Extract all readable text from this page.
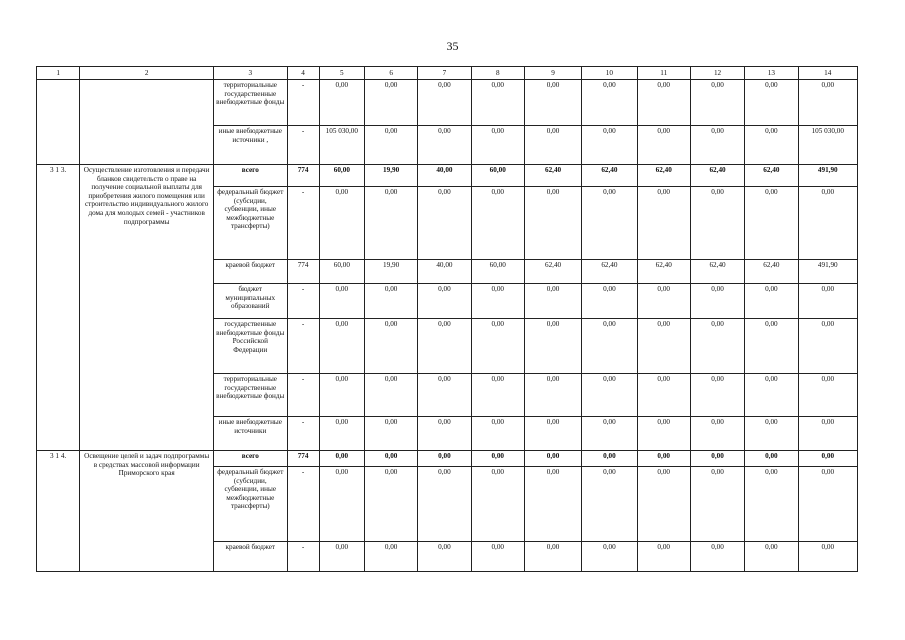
35
1	2	3	4	5	6	7	8	9	10	11	12	13	14
		территориальные государственные внебюджетные фонды	-	0,00	0,00	0,00	0,00	0,00	0,00	0,00	0,00	0,00	0,00
		иные внебюджетные источники ,	-	105 030,00	0,00	0,00	0,00	0,00	0,00	0,00	0,00	0,00	105 030,00
3 1 3.	Осуществление изготовления и передачи бланков свидетельств о праве на получение социальной выплаты для приобретения жилого помещения или строительство индивидуального жилого дома для молодых семей - участников подпрограммы	всего	774	60,00	19,90	40,00	60,00	62,40	62,40	62,40	62,40	62,40	491,90
		федеральный бюджет (субсидии, субвенции, иные межбюджетные трансферты)	-	0,00	0,00	0,00	0,00	0,00	0,00	0,00	0,00	0,00	0,00
		краевой бюджет	774	60,00	19,90	40,00	60,00	62,40	62,40	62,40	62,40	62,40	491,90
		бюджет муниципальных образований	-	0,00	0,00	0,00	0,00	0,00	0,00	0,00	0,00	0,00	0,00
		государственные внебюджетные фонды Российской Федерации	-	0,00	0,00	0,00	0,00	0,00	0,00	0,00	0,00	0,00	0,00
		территориальные государственные внебюджетные фонды	-	0,00	0,00	0,00	0,00	0,00	0,00	0,00	0,00	0,00	0,00
		иные внебюджетные источники	-	0,00	0,00	0,00	0,00	0,00	0,00	0,00	0,00	0,00	0,00
3 1 4.	Освещение целей и задач подпрограммы в средствах массовой информации Приморского края	всего	774	0,00	0,00	0,00	0,00	0,00	0,00	0,00	0,00	0,00	0,00
		федеральный бюджет (субсидии, субвенции, иные межбюджетные трансферты)	-	0,00	0,00	0,00	0,00	0,00	0,00	0,00	0,00	0,00	0,00
		краевой бюджет	-	0,00	0,00	0,00	0,00	0,00	0,00	0,00	0,00	0,00	0,00
